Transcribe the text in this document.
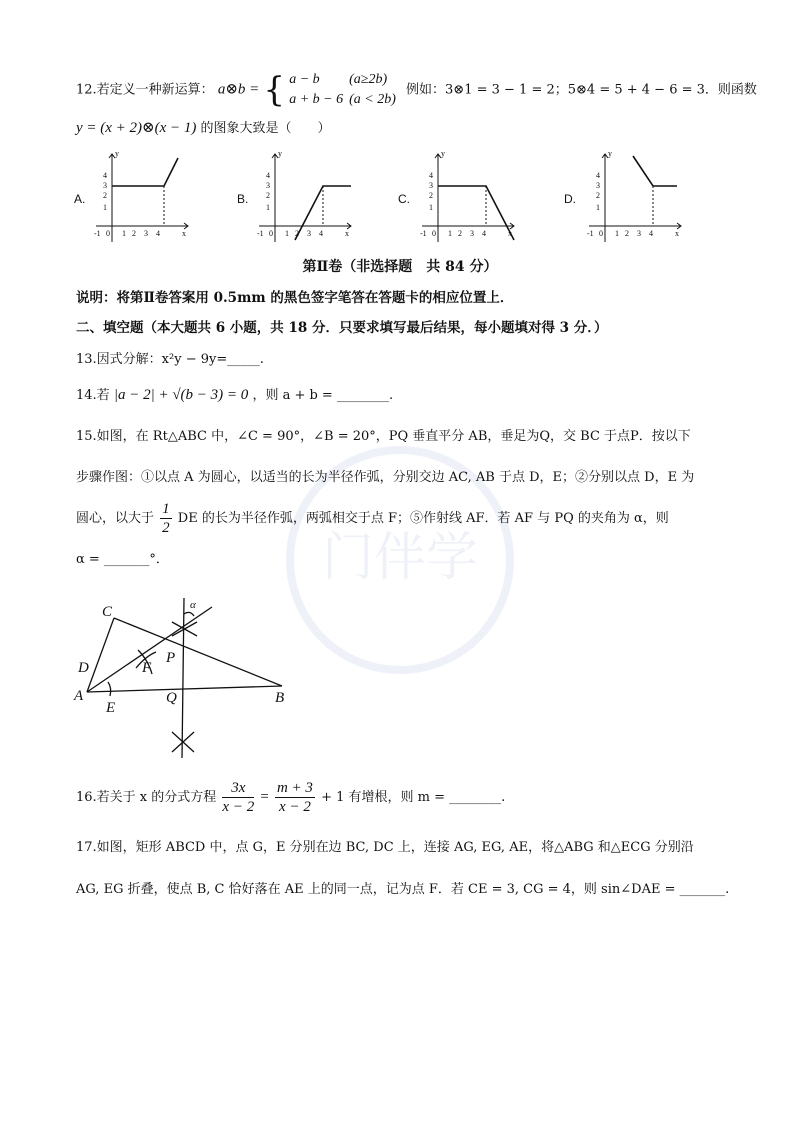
门伴学
12.若定义一种新运算： a⊗b = { a − b	(a≥2b)
a + b − 6	(a < 2b) 例如：3⊗1 = 3 − 1 = 2；5⊗4 = 5 + 4 − 6 = 3．则函数
y = (x + 2)⊗(x − 1) 的图象大致是（　　）
A.	B.	C.	D.
y
4
3
2
1
-1 0 1 2 3 4	x
y
4
3
2
1
-1 0 1 2 3 4	x
y
4
3
2
1
-1 0 1 2 3 4	x
y
4
3
2
1
-1 0 1 2 3 4	x
第Ⅱ卷（非选择题　共 84 分）
说明：将第Ⅱ卷答案用 0.5mm 的黑色签字笔答在答题卡的相应位置上．
二、填空题（本大题共 6 小题，共 18 分．只要求填写最后结果，每小题填对得 3 分．）
13.因式分解：x²y − 9y=_____.
14.若 |a − 2| + √(b − 3) = 0 ，则 a + b = ________.
15.如图，在 Rt△ABC 中，∠C = 90°，∠B = 20°，PQ 垂直平分 AB，垂足为Q，交 BC 于点P．按以下
步骤作图：①以点 A 为圆心，以适当的长为半径作弧，分别交边 AC, AB 于点 D，E；②分别以点 D，E 为
圆心，以大于 $\frac{1}{2}$ DE 的长为半径作弧，两弧相交于点 F；⑤作射线 AF．若 AF 与 PQ 的夹角为 α，则
α = _______°．
C
D	F
P
A
E
Q	B
α
16.若关于 x 的分式方程 $\frac{3x}{x - 2} = \frac{m + 3}{x - 2} + 1$ 有增根，则 m = ________.
17.如图，矩形 ABCD 中，点 G，E 分别在边 BC, DC 上，连接 AG, EG, AE，将△ABG 和△ECG 分别沿
AG, EG 折叠，使点 B, C 恰好落在 AE 上的同一点，记为点 F．若 CE = 3, CG = 4，则 sin∠DAE = _______.
